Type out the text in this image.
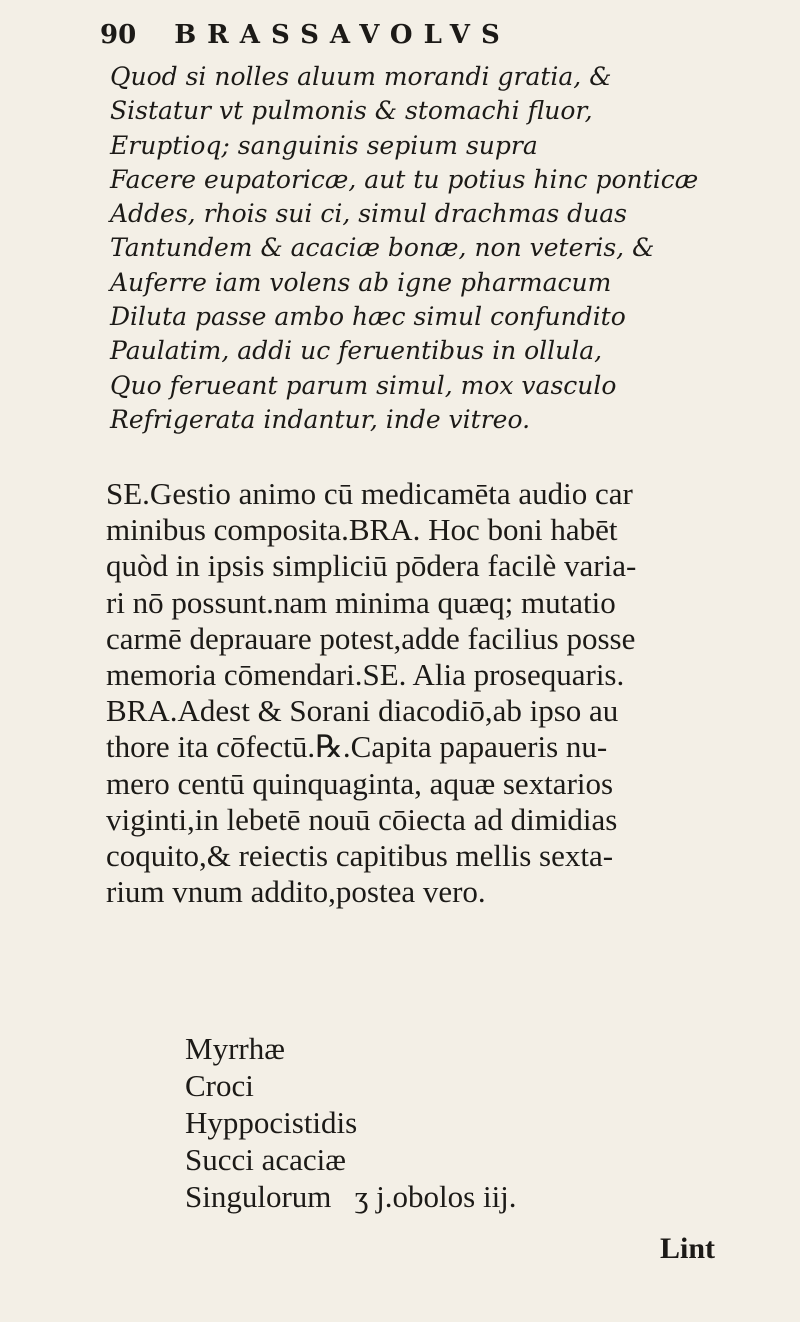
90 BRASSAVOLVS
Quod si nolles aluum morandi gratia, &
Sistatur vt pulmonis & stomachi fluor,
Eruptioq; sanguinis sepium supra
Facere eupatoricæ, aut tu potius hinc ponticæ
Addes, rhois sui ci, simul drachmas duas
Tantundem & acaciæ bonæ, non veteris, &
Auferre iam volens ab igne pharmacum
Diluta passe ambo hæc simul confundito
Paulatim, addi uc feruentibus in ollula,
Quo ferueant parum simul, mox vasculo
Refrigerata indantur, inde vitreo.
SE.Gestio animo cū medicamēta audio car
minibus composita.BRA. Hoc boni habēt
quòd in ipsis simpliciū pōdera facilè varia-
ri nō possunt.nam minima quæq; mutatio
carmē deprauare potest,adde facilius posse
memoria cōmendari.SE. Alia prosequaris.
BRA.Adest & Sorani diacodiō,ab ipso au
thore ita cōfectū.℞.Capita papaueris nu-
mero centū quinquaginta, aquæ sextarios
viginti,in lebetē nouū cōiecta ad dimidias
coquito,& reiectis capitibus mellis sexta-
rium vnum addito,postea vero.
Myrrhæ
Croci
Hyppocistidis
Succi acaciæ
Singulorum   ʒ j.obolos iij.
Lint
